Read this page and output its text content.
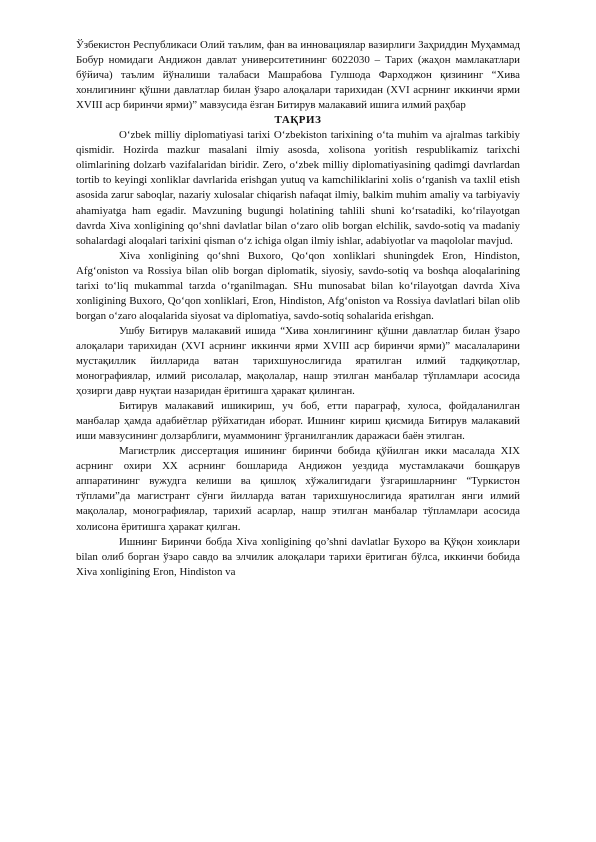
Ўзбекистон Республикаси Олий таълим, фан ва инновациялар вазирлиги Заҳриддин Муҳаммад Бобур номидаги Андижон давлат университетининг 6022030 – Тарих (жаҳон мамлакатлари бўйича) таълим йўналиши талабаси Машрабова Гулшода Фарходжон қизининг “Хива хонлигининг қўшни давлатлар билан ўзаро алоқалари тарихидан (XVI асрнинг иккинчи ярми XVIII аср биринчи ярми)” мавзусида ёзган Битирув малакавий ишига илмий раҳбар

ТАҚРИЗ

O‘zbek milliy diplomatiyasi tarixi O‘zbekiston tarixining o‘ta muhim va ajralmas tarkibiy qismidir. Hozirda mazkur masalani ilmiy asosda, xolisona yoritish respublikamiz tarixchi olimlarining dolzarb vazifalaridan biridir. Zero, o‘zbek milliy diplomatiyasining qadimgi davrlardan tortib to keyingi xonliklar davrlarida erishgan yutuq va kamchiliklarini xolis o‘rganish va taxlil etish asosida zarur saboqlar, nazariy xulosalar chiqarish nafaqat ilmiy, balkim muhim amaliy va tarbiyaviy ahamiyatga ham egadir. Mavzuning bugungi holatining tahlili shuni ko‘rsatadiki, ko‘rilayotgan davrda Xiva xonligining qo‘shni davlatlar bilan o‘zaro olib borgan elchilik, savdo-sotiq va madaniy sohalardagi aloqalari tarixini qisman o‘z ichiga olgan ilmiy ishlar, adabiyotlar va maqololar mavjud.

Xiva xonligining qo‘shni Buxoro, Qo‘qon xonliklari shuningdek Eron, Hindiston, Afg‘oniston va Rossiya bilan olib borgan diplomatik, siyosiy, savdo-sotiq va boshqa aloqalarining tarixi to‘liq mukammal tarzda o‘rganilmagan. SHu munosabat bilan ko‘rilayotgan davrda Xiva xonligining Buxoro, Qo‘qon xonliklari, Eron, Hindiston, Afg‘oniston va Rossiya davlatlari bilan olib borgan o‘zaro aloqalarida siyosat va diplomatiya, savdo-sotiq sohalarida erishgan.

Ушбу Битирув малакавий ишида “Хива хонлигининг қўшни давлатлар билан ўзаро алоқалари тарихидан (XVI асрнинг иккинчи ярми XVIII аср биринчи ярми)” масалаларини мустақиллик йилларида ватан тарихшунослигида яратилган илмий тадқиқотлар, монографиялар, илмий рисолалар, мақолалар, нашр этилган манбалар тўпламлари асосида ҳозирги давр нуқтаи назаридан ёритишга ҳаракат қилинган.

Битирув малакавий ишикириш, уч боб, етти параграф, хулоса, фойдаланилган манбалар ҳамда адабиётлар рўйхатидан иборат. Ишнинг кириш қисмида Битирув малакавий иши мавзусининг долзарблиги, муаммонинг ўрганилганлик даражаси баён этилган.

Магистрлик диссертация ишининг биринчи бобида қўйилган икки масалада XIX асрнинг охири XX асрнинг бошларида Андижон уездида мустамлакачи бошқарув аппаратининг вужудга келиши ва қишлоқ хўжалигидаги ўзгаришларнинг “Туркистон тўплами”да магистрант сўнги йилларда ватан тарихшунослигида яратилган янги илмий мақолалар, монографиялар, тарихий асарлар, нашр этилган манбалар тўпламлари асосида холисона ёритишга ҳаракат қилган.

Ишнинг Биринчи бобда Xiva xonligining qo’shni davlatlar Бухоро ва Қўқон хоиклари bilan олиб борган ўзаро савдо ва элчилик алоқалари тарихи ёритиган бўлса, иккинчи бобида Xiva xonligining Eron, Hindiston va
